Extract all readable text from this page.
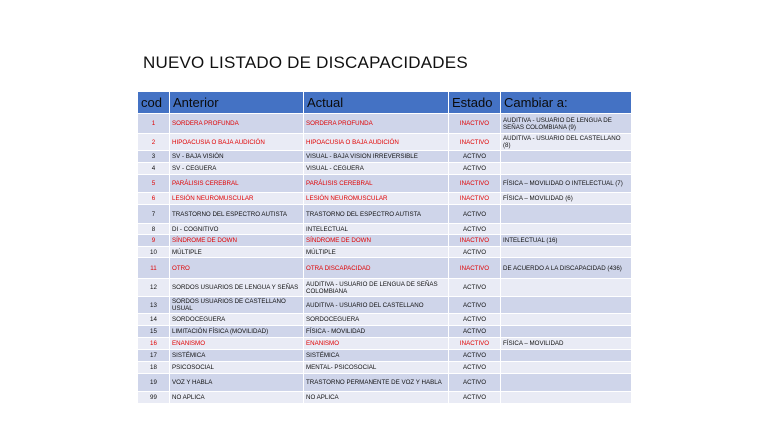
NUEVO LISTADO DE DISCAPACIDADES
cod	Anterior	Actual	Estado	Cambiar a:
1	SORDERA PROFUNDA	SORDERA PROFUNDA	INACTIVO	AUDITIVA - USUARIO DE LENGUA DE SEÑAS COLOMBIANA (9)
2	HIPOACUSIA O BAJA AUDICIÓN	HIPOACUSIA O BAJA AUDICIÓN	INACTIVO	AUDITIVA - USUARIO DEL CASTELLANO (8)
3	SV - BAJA VISIÓN	VISUAL - BAJA VISION IRREVERSIBLE	ACTIVO	
4	SV - CEGUERA	VISUAL - CEGUERA	ACTIVO	
5	PARÁLISIS CEREBRAL	PARÁLISIS CEREBRAL	INACTIVO	FÍSICA – MOVILIDAD O INTELECTUAL (7)
6	LESIÓN NEUROMUSCULAR	LESIÓN NEUROMUSCULAR	INACTIVO	FÍSICA – MOVILIDAD (6)
7	TRASTORNO DEL ESPECTRO AUTISTA	TRASTORNO DEL ESPECTRO AUTISTA	ACTIVO	
8	DI - COGNITIVO	INTELECTUAL	ACTIVO	
9	SÍNDROME DE DOWN	SÍNDROME DE DOWN	INACTIVO	INTELECTUAL (16)
10	MÚLTIPLE	MÚLTIPLE	ACTIVO	
11	OTRO	OTRA DISCAPACIDAD	INACTIVO	DE ACUERDO A LA DISCAPACIDAD (436)
12	SORDOS USUARIOS DE LENGUA Y SEÑAS	AUDITIVA - USUARIO DE LENGUA DE SEÑAS COLOMBIANA	ACTIVO	
13	SORDOS USUARIOS DE CASTELLANO USUAL	AUDITIVA - USUARIO DEL CASTELLANO	ACTIVO	
14	SORDOCEGUERA	SORDOCEGUERA	ACTIVO	
15	LIMITACIÓN FÍSICA (MOVILIDAD)	FÍSICA - MOVILIDAD	ACTIVO	
16	ENANISMO	ENANISMO	INACTIVO	FÍSICA – MOVILIDAD
17	SISTÉMICA	SISTÉMICA	ACTIVO	
18	PSICOSOCIAL	MENTAL- PSICOSOCIAL	ACTIVO	
19	VOZ Y HABLA	TRASTORNO PERMANENTE DE VOZ Y HABLA	ACTIVO	
99	NO APLICA	NO APLICA	ACTIVO	
